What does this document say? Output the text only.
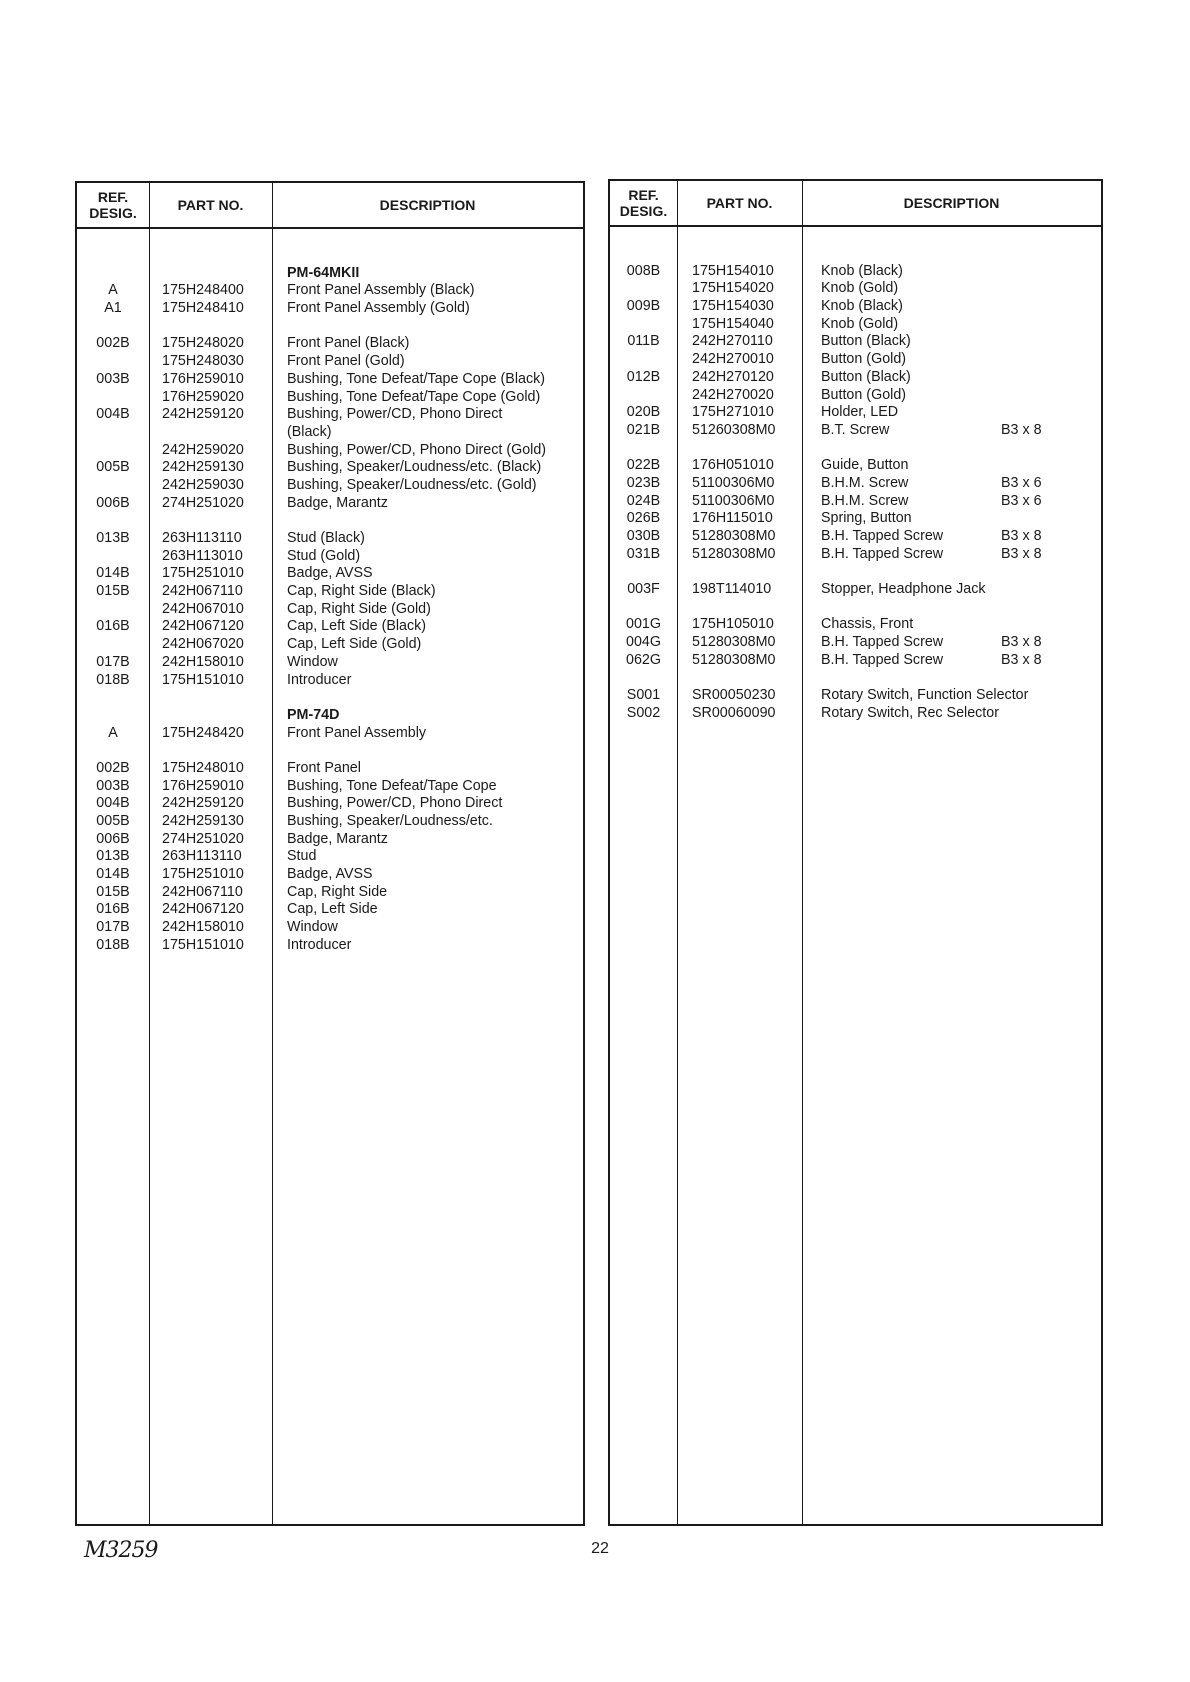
REF.
DESIG.	PART NO.	DESCRIPTION
PM-64MKII
A	175H248400	Front Panel Assembly (Black)
A1	175H248410	Front Panel Assembly (Gold)
002B	175H248020	Front Panel (Black)
175H248030	Front Panel (Gold)
003B	176H259010	Bushing, Tone Defeat/Tape Cope (Black)
176H259020	Bushing, Tone Defeat/Tape Cope (Gold)
004B	242H259120	Bushing, Power/CD, Phono Direct
(Black)
242H259020	Bushing, Power/CD, Phono Direct (Gold)
005B	242H259130	Bushing, Speaker/Loudness/etc. (Black)
242H259030	Bushing, Speaker/Loudness/etc. (Gold)
006B	274H251020	Badge, Marantz
013B	263H113110	Stud (Black)
263H113010	Stud (Gold)
014B	175H251010	Badge, AVSS
015B	242H067110	Cap, Right Side (Black)
242H067010	Cap, Right Side (Gold)
016B	242H067120	Cap, Left Side (Black)
242H067020	Cap, Left Side (Gold)
017B	242H158010	Window
018B	175H151010	Introducer
PM-74D
A	175H248420	Front Panel Assembly
002B	175H248010	Front Panel
003B	176H259010	Bushing, Tone Defeat/Tape Cope
004B	242H259120	Bushing, Power/CD, Phono Direct
005B	242H259130	Bushing, Speaker/Loudness/etc.
006B	274H251020	Badge, Marantz
013B	263H113110	Stud
014B	175H251010	Badge, AVSS
015B	242H067110	Cap, Right Side
016B	242H067120	Cap, Left Side
017B	242H158010	Window
018B	175H151010	Introducer
REF.
DESIG.	PART NO.	DESCRIPTION
008B	175H154010	Knob (Black)
175H154020	Knob (Gold)
009B	175H154030	Knob (Black)
175H154040	Knob (Gold)
011B	242H270110	Button (Black)
242H270010	Button (Gold)
012B	242H270120	Button (Black)
242H270020	Button (Gold)
020B	175H271010	Holder, LED
021B	51260308M0	B.T. Screw	B3 x 8
022B	176H051010	Guide, Button
023B	51100306M0	B.H.M. Screw	B3 x 6
024B	51100306M0	B.H.M. Screw	B3 x 6
026B	176H115010	Spring, Button
030B	51280308M0	B.H. Tapped Screw	B3 x 8
031B	51280308M0	B.H. Tapped Screw	B3 x 8
003F	198T114010	Stopper, Headphone Jack
001G	175H105010	Chassis, Front
004G	51280308M0	B.H. Tapped Screw	B3 x 8
062G	51280308M0	B.H. Tapped Screw	B3 x 8
S001	SR00050230	Rotary Switch, Function Selector
S002	SR00060090	Rotary Switch, Rec Selector
22
M3259
